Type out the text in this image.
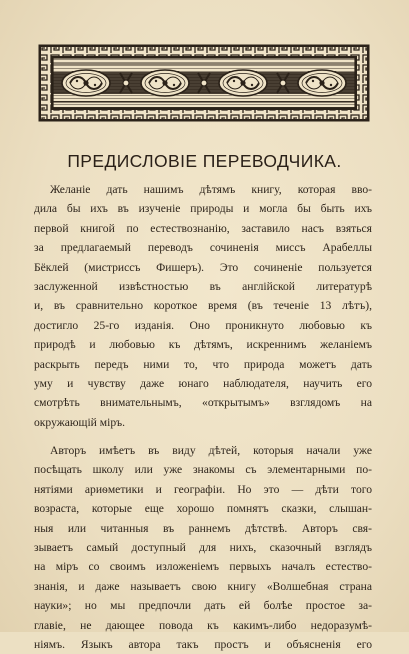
ПРЕДИСЛОВІЕ ПЕРЕВОДЧИКА.

Желаніе дать нашимъ дѣтямъ книгу, которая вво-
дила бы ихъ въ изученіе природы и могла бы быть ихъ
первой книгой по естествознанію, заставило насъ взяться
за предлагаемый переводъ сочиненія миссъ Арабеллы
Бёклей (мистриссъ Фишеръ). Это сочиненіе пользуется
заслуженной извѣстностью въ англійской литературѣ
и, въ сравнительно короткое время (въ теченіе 13 лѣтъ),
достигло 25-го изданія. Оно проникнуто любовью къ
природѣ и любовью къ дѣтямъ, искреннимъ желаніемъ
раскрыть передъ ними то, что природа можетъ дать
уму и чувству даже юнаго наблюдателя, научить его
смотрѣть внимательнымъ, «открытымъ» взглядомъ на
окружающій міръ.

Авторъ имѣетъ въ виду дѣтей, которыя начали уже
посѣщать школу или уже знакомы съ элементарными по-
нятіями ариѳметики и географіи. Но это — дѣти того
возраста, которые еще хорошо помнятъ сказки, слышан-
ныя или читанныя въ раннемъ дѣтствѣ. Авторъ свя-
зываетъ самый доступный для нихъ, сказочный взглядъ
на міръ со своимъ изложеніемъ первыхъ началъ естество-
знанія, и даже называетъ свою книгу «Волшебная страна
науки»; но мы предпочли дать ей болѣе простое за-
главіе, не дающее повода къ какимъ-либо недоразумѣ-
ніямъ. Языкъ автора такъ простъ и объясненія его
